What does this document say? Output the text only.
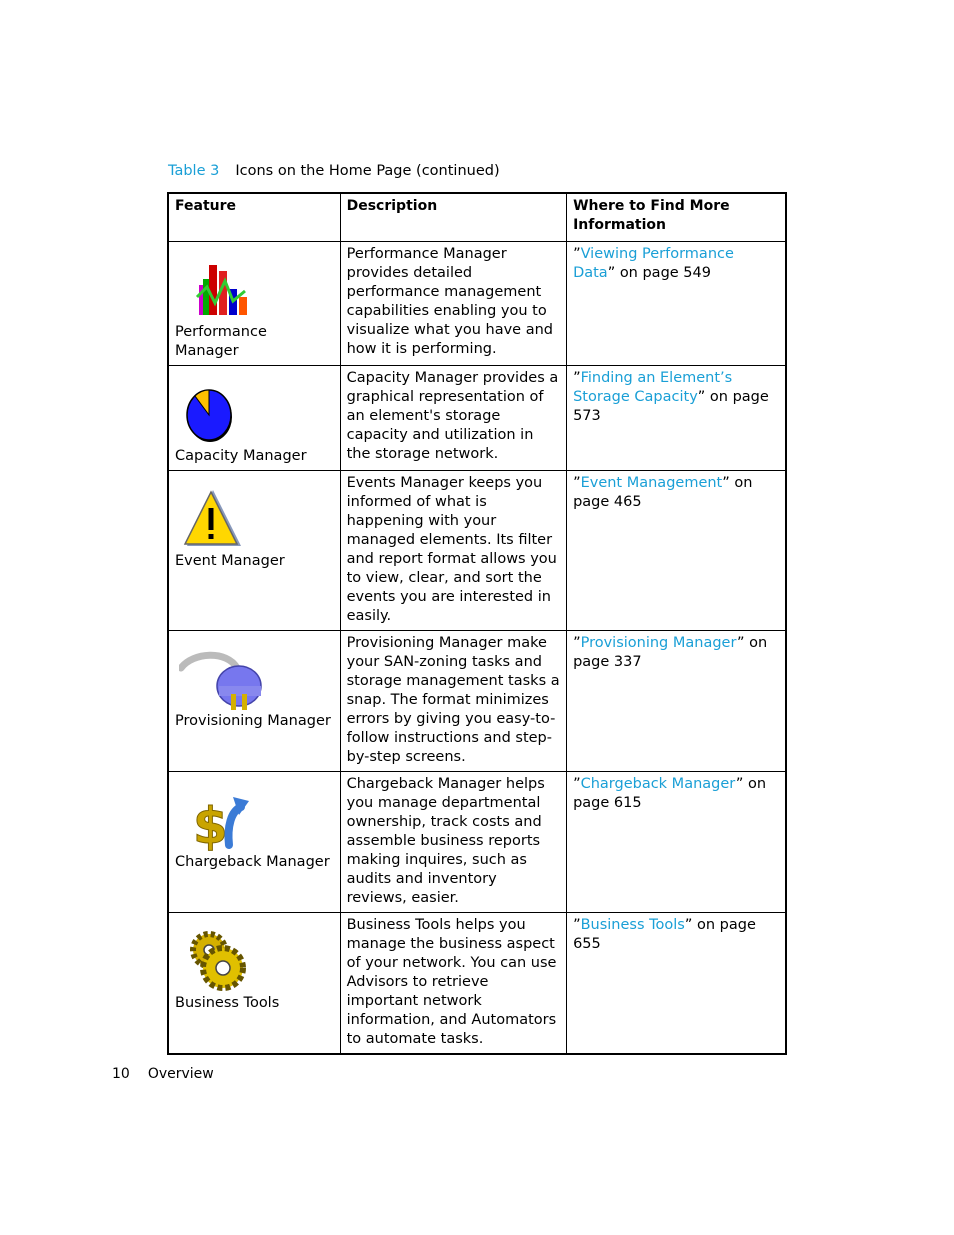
Table 3 Icons on the Home Page (continued)
Feature	Description	Where to Find More Information

Performance Manager	Performance Manager provides detailed performance management capabilities enabling you to visualize what you have and how it is performing.	”Viewing Performance Data” on page 549

Capacity Manager	Capacity Manager provides a graphical representation of an element's storage capacity and utilization in the storage network.	”Finding an Element’s Storage Capacity” on page 573

Event Manager	Events Manager keeps you informed of what is happening with your managed elements. Its filter and report format allows you to view, clear, and sort the events you are interested in easily.	”Event Management” on page 465

Provisioning Manager	Provisioning Manager make your SAN-zoning tasks and storage management tasks a snap. The format minimizes errors by giving you easy-to-follow instructions and step-by-step screens.	”Provisioning Manager” on page 337

$
Chargeback Manager	Chargeback Manager helps you manage departmental ownership, track costs and assemble business reports making inquires, such as audits and inventory reviews, easier.	”Chargeback Manager” on page 615

Business Tools	Business Tools helps you manage the business aspect of your network. You can use Advisors to retrieve important network information, and Automators to automate tasks.	”Business Tools” on page 655
10 Overview
